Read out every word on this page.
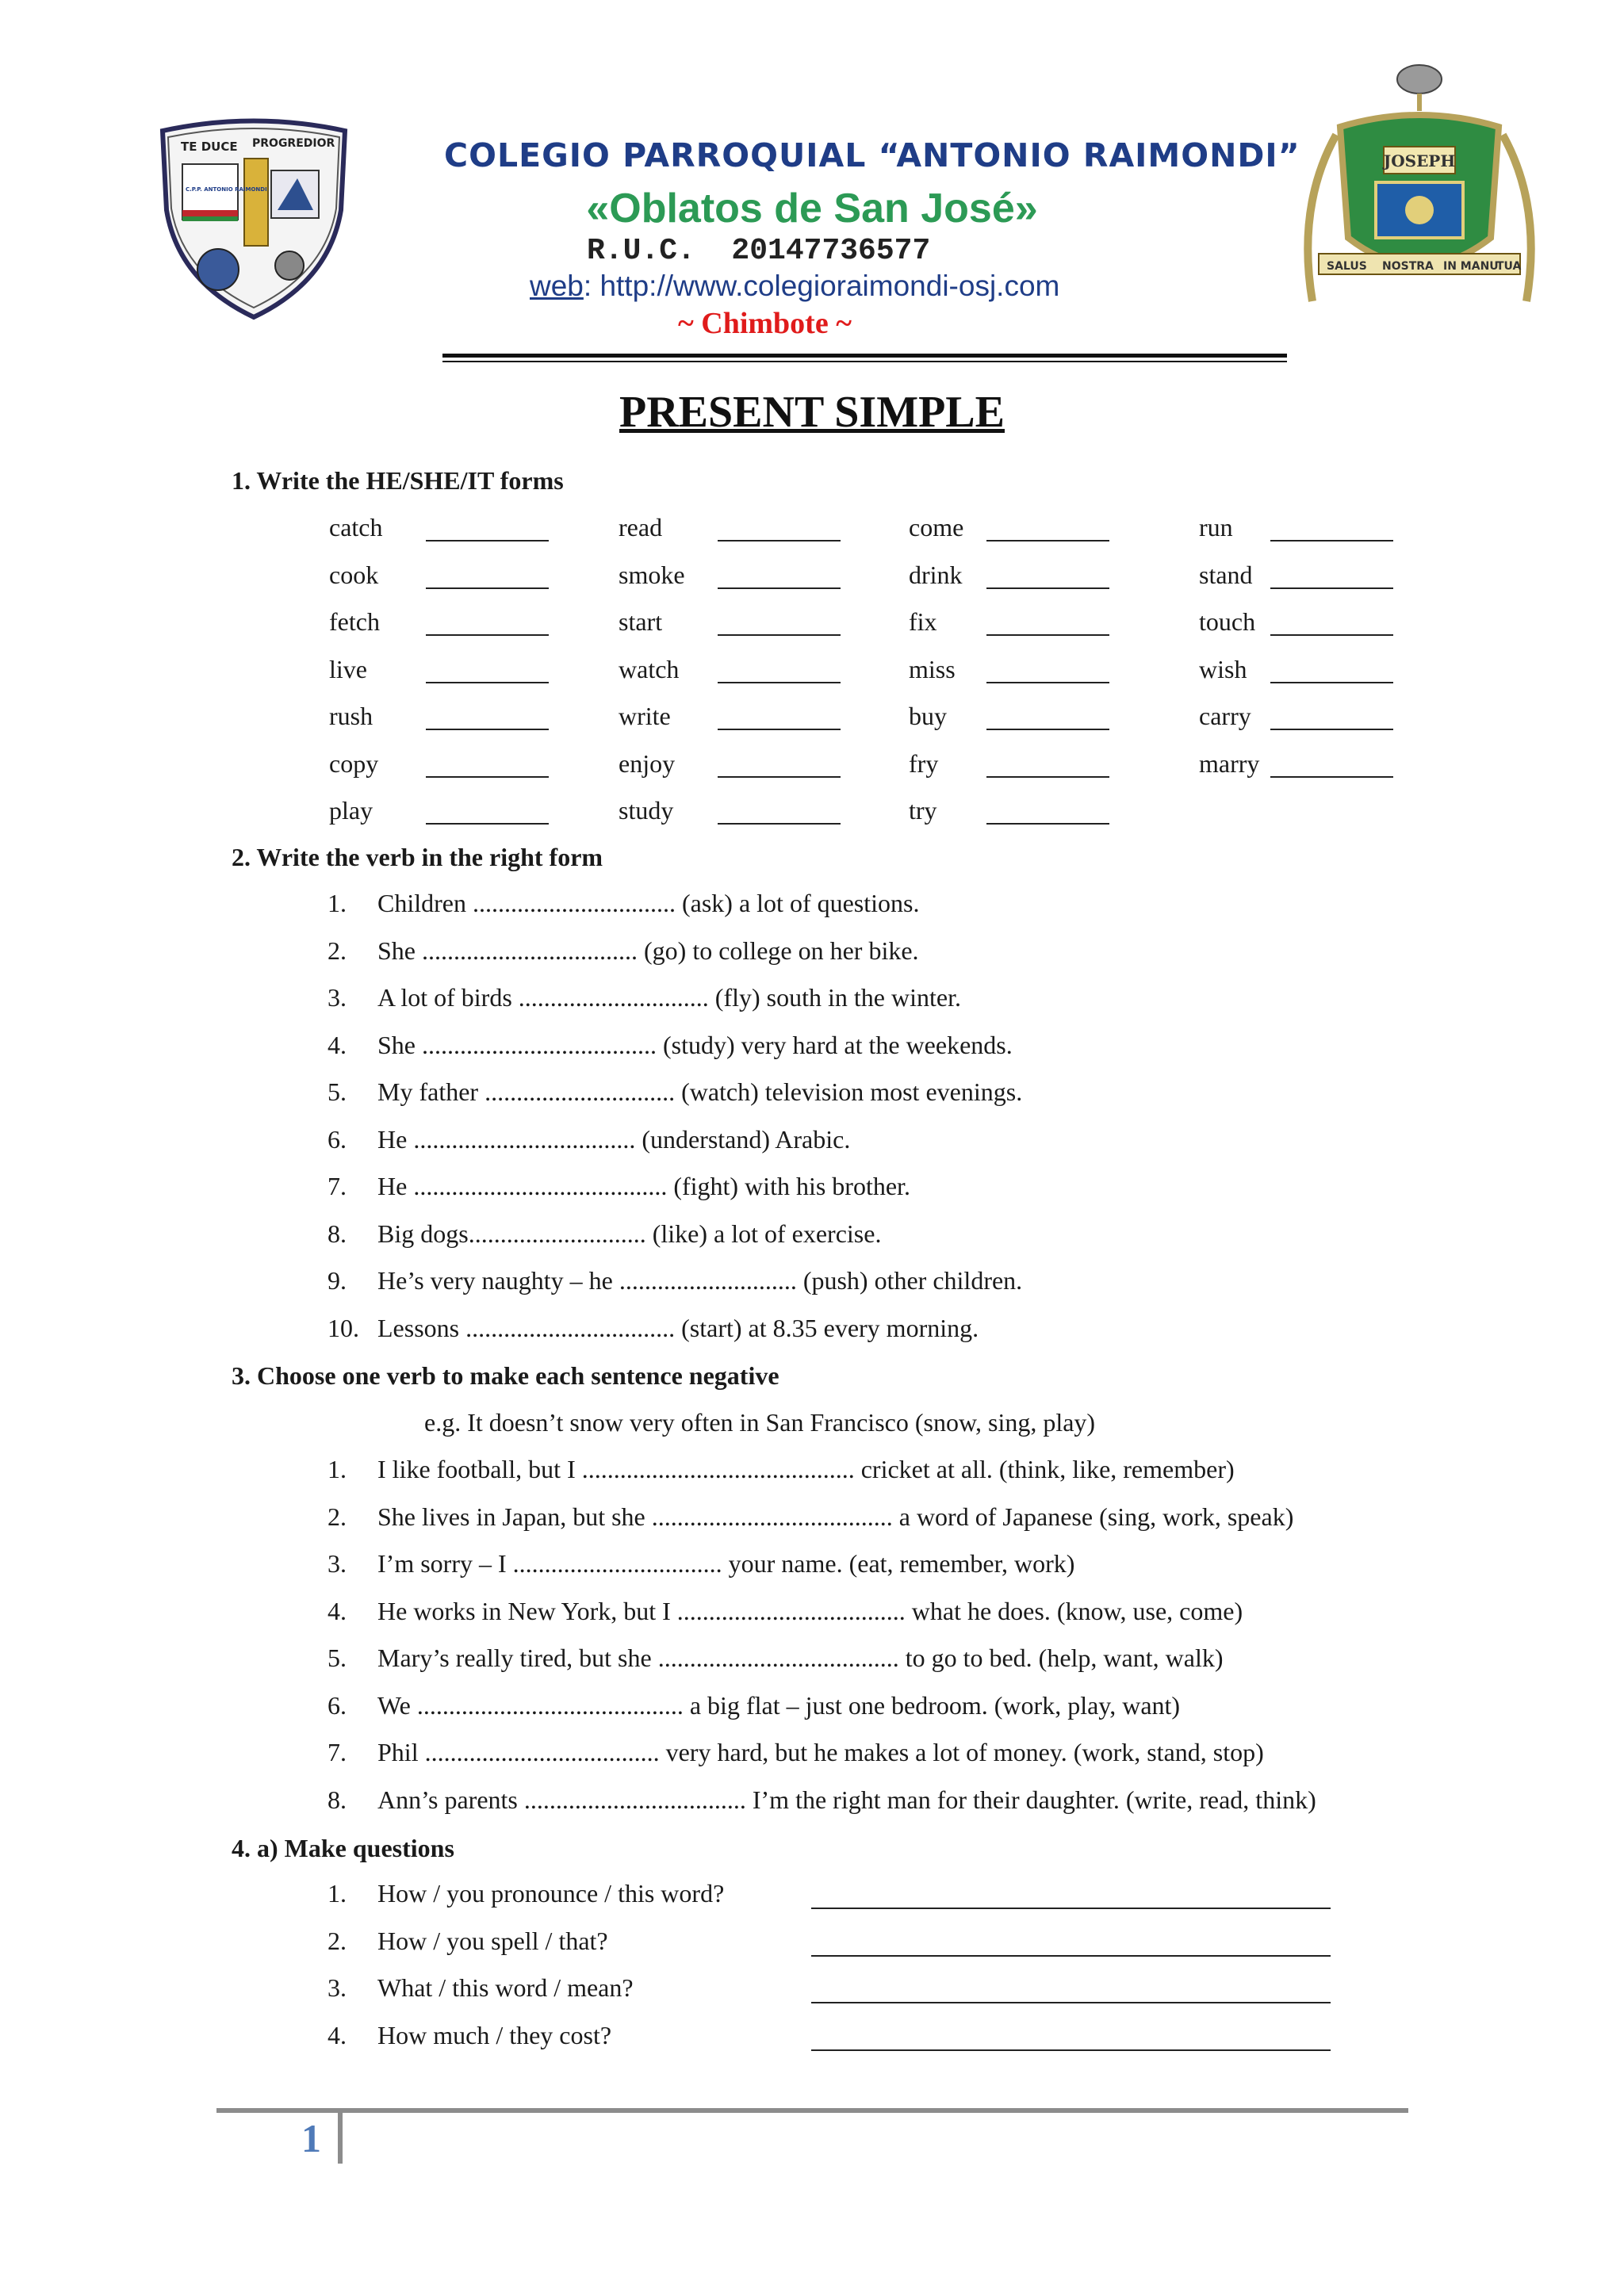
TE DUCE PROGREDIOR
C.P.P. ANTONIO RAIMONDI
JOSEPH
SALUS NOSTRA IN MANU
TUA
COLEGIO PARROQUIAL “ANTONIO RAIMONDI”
«Oblatos de San José»
R.U.C.  20147736577
web: http://www.colegioraimondi-osj.com
~ Chimbote ~
PRESENT SIMPLE
1. Write the HE/SHE/IT forms
catch
cook
fetch
live
rush
copy
play
read
smoke
start
watch
write
enjoy
study
come
drink
fix
miss
buy
fry
try
run
stand
touch
wish
carry
marry
2. Write the verb in the right form
1. Children ................................ (ask) a lot of questions.
2. She .................................. (go) to college on her bike.
3. A lot of birds .............................. (fly) south in the winter.
4. She ..................................... (study) very hard at the weekends.
5. My father .............................. (watch) television most evenings.
6. He ................................... (understand) Arabic.
7. He ........................................ (fight) with his brother.
8. Big dogs............................ (like) a lot of exercise.
9. He’s very naughty – he ............................ (push) other children.
10. Lessons ................................. (start) at 8.35 every morning.
3. Choose one verb to make each sentence negative
e.g. It doesn’t snow very often in San Francisco (snow, sing, play)
1. I like football, but I ........................................... cricket at all. (think, like, remember)
2. She lives in Japan, but she ...................................... a word of Japanese (sing, work, speak)
3. I’m sorry – I ................................. your name. (eat, remember, work)
4. He works in New York, but I .................................... what he does. (know, use, come)
5. Mary’s really tired, but she ...................................... to go to bed. (help, want, walk)
6. We .......................................... a big flat – just one bedroom. (work, play, want)
7. Phil ..................................... very hard, but he makes a lot of money. (work, stand, stop)
8. Ann’s parents ................................... I’m the right man for their daughter. (write, read, think)
4. a) Make questions
1. How / you pronounce / this word?
2. How / you spell / that?
3. What / this word / mean?
4. How much / they cost?
1
